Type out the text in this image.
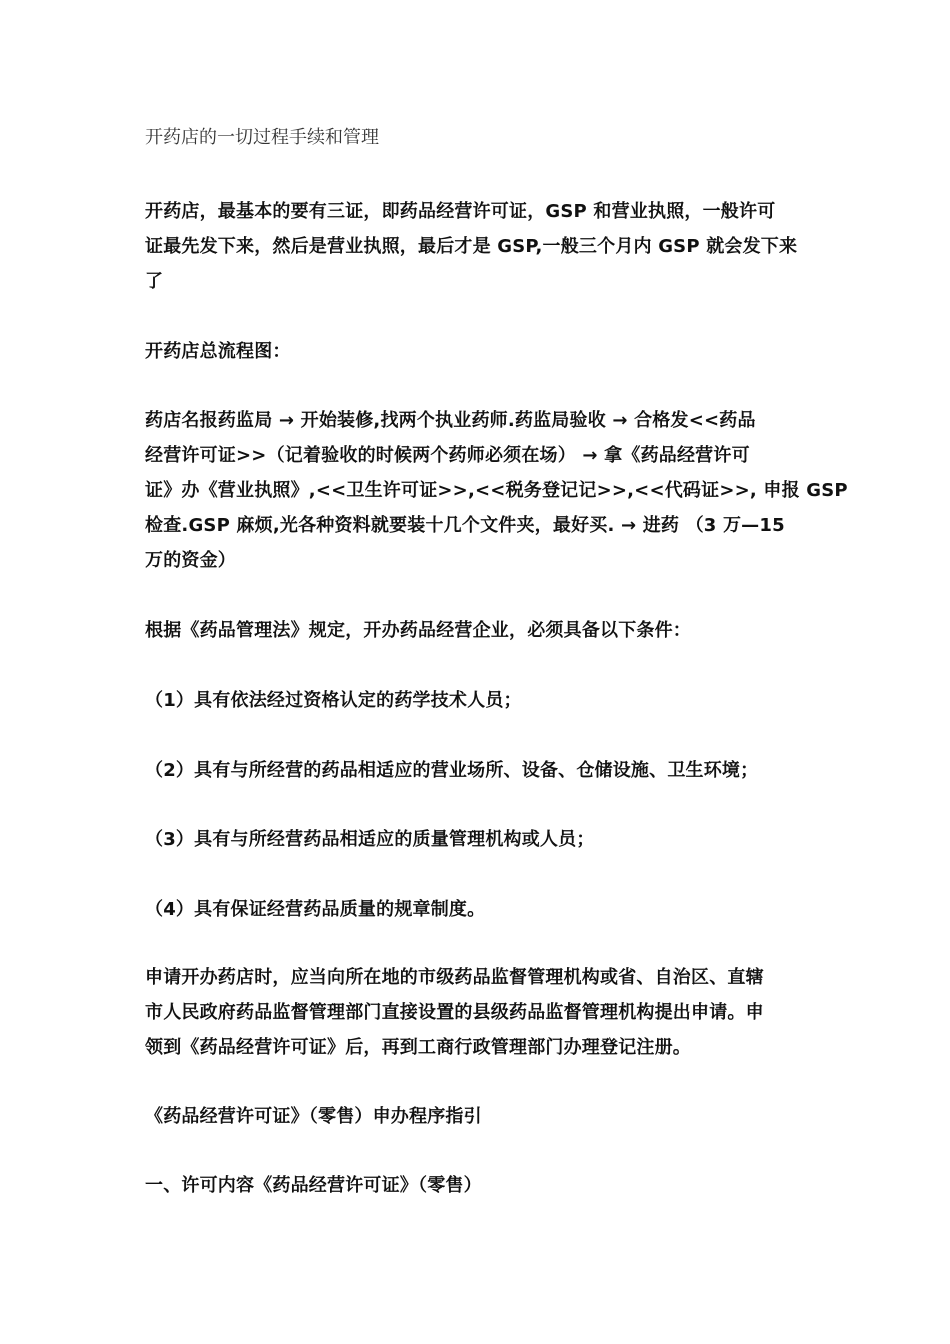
开药店的一切过程手续和管理

开药店，最基本的要有三证，即药品经营许可证，GSP 和营业执照，一般许可
证最先发下来，然后是营业执照，最后才是 GSP,一般三个月内 GSP 就会发下来
了

开药店总流程图：

药店名报药监局 → 开始装修,找两个执业药师.药监局验收 → 合格发<<药品
经营许可证>>（记着验收的时候两个药师必须在场） → 拿《药品经营许可
证》办《营业执照》,<<卫生许可证>>,<<税务登记记>>,<<代码证>>, 申报 GSP
检查.GSP 麻烦,光各种资料就要装十几个文件夹，最好买. → 进药 （3 万—15
万的资金）

根据《药品管理法》规定，开办药品经营企业，必须具备以下条件：

（1）具有依法经过资格认定的药学技术人员；

（2）具有与所经营的药品相适应的营业场所、设备、仓储设施、卫生环境；

（3）具有与所经营药品相适应的质量管理机构或人员；

（4）具有保证经营药品质量的规章制度。

申请开办药店时，应当向所在地的市级药品监督管理机构或省、自治区、直辖
市人民政府药品监督管理部门直接设置的县级药品监督管理机构提出申请。申
领到《药品经营许可证》后，再到工商行政管理部门办理登记注册。

《药品经营许可证》（零售）申办程序指引

一、许可内容《药品经营许可证》（零售）
